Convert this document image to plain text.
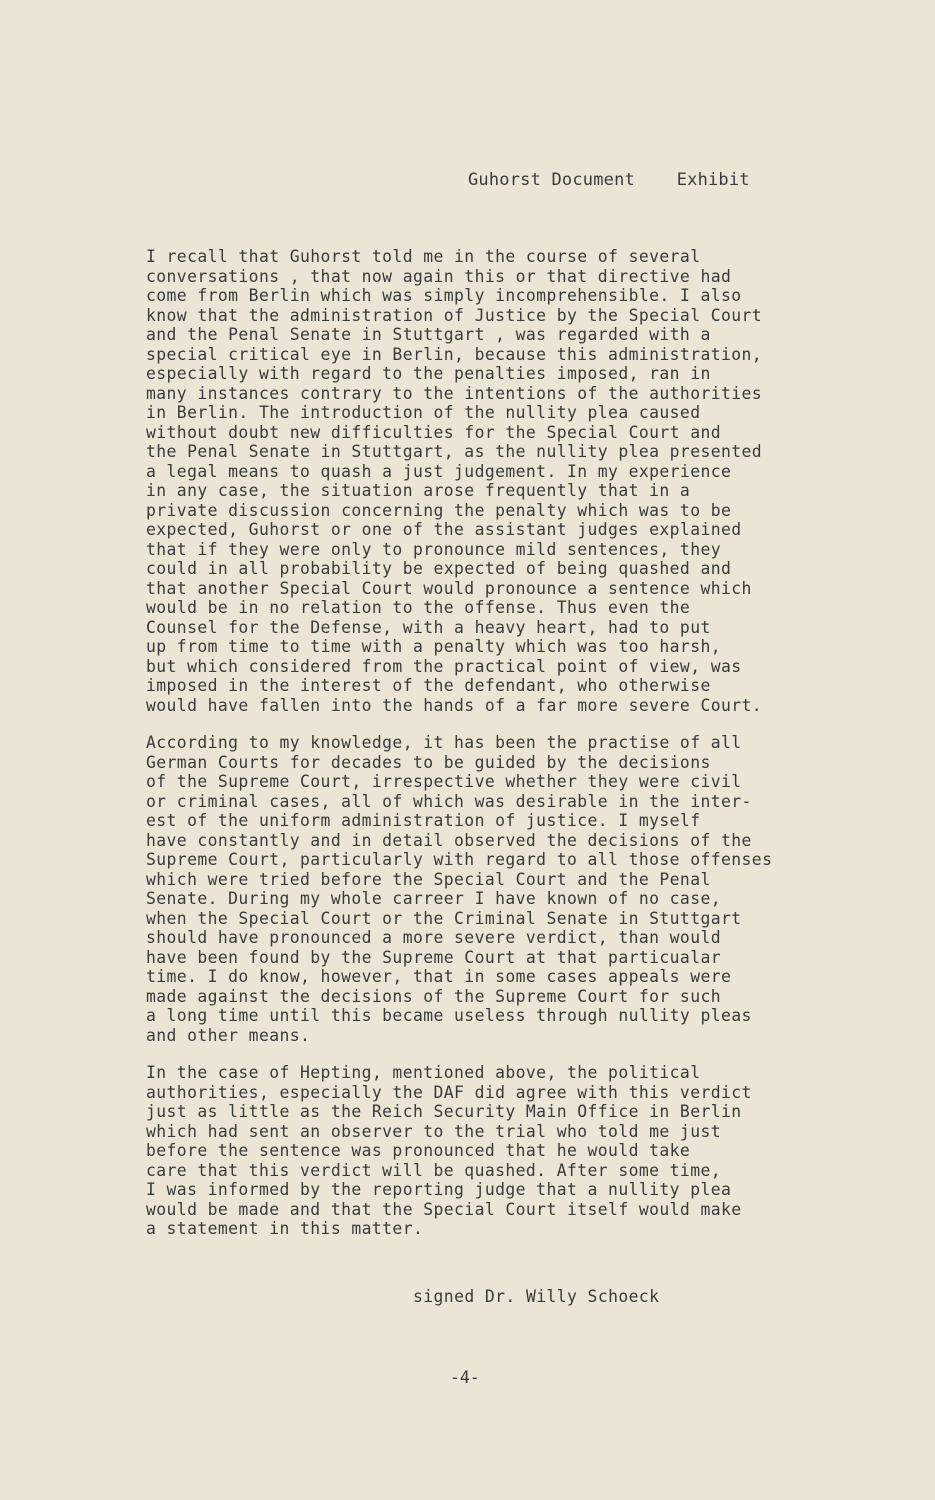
Guhorst Document    Exhibit
I recall that Guhorst told me in the course of several
conversations , that now again this or that directive had
come from Berlin which was simply incomprehensible. I also
know that the administration of Justice by the Special Court
and the Penal Senate in Stuttgart , was regarded with a
special critical eye in Berlin, because this administration,
especially with regard to the penalties imposed, ran in
many instances contrary to the intentions of the authorities
in Berlin. The introduction of the nullity plea caused
without doubt new difficulties for the Special Court and
the Penal Senate in Stuttgart, as the nullity plea presented
a legal means to quash a just judgement. In my experience
in any case, the situation arose frequently that in a
private discussion concerning the penalty which was to be
expected, Guhorst or one of the assistant judges explained
that if they were only to pronounce mild sentences, they
could in all probability be expected of being quashed and
that another Special Court would pronounce a sentence which
would be in no relation to the offense. Thus even the
Counsel for the Defense, with a heavy heart, had to put
up from time to time with a penalty which was too harsh,
but which considered from the practical point of view, was
imposed in the interest of the defendant, who otherwise
would have fallen into the hands of a far more severe Court.
According to my knowledge, it has been the practise of all
German Courts for decades to be guided by the decisions
of the Supreme Court, irrespective whether they were civil
or criminal cases, all of which was desirable in the inter-
est of the uniform administration of justice. I myself
have constantly and in detail observed the decisions of the
Supreme Court, particularly with regard to all those offenses
which were tried before the Special Court and the Penal
Senate. During my whole carreer I have known of no case,
when the Special Court or the Criminal Senate in Stuttgart
should have pronounced a more severe verdict, than would
have been found by the Supreme Court at that particualar
time. I do know, however, that in some cases appeals were
made against the decisions of the Supreme Court for such
a long time until this became useless through nullity pleas
and other means.
In the case of Hepting, mentioned above, the political
authorities, especially the DAF did agree with this verdict
just as little as the Reich Security Main Office in Berlin
which had sent an observer to the trial who told me just
before the sentence was pronounced that he would take
care that this verdict will be quashed. After some time,
I was informed by the reporting judge that a nullity plea
would be made and that the Special Court itself would make
a statement in this matter.
signed Dr. Willy Schoeck
-4-
